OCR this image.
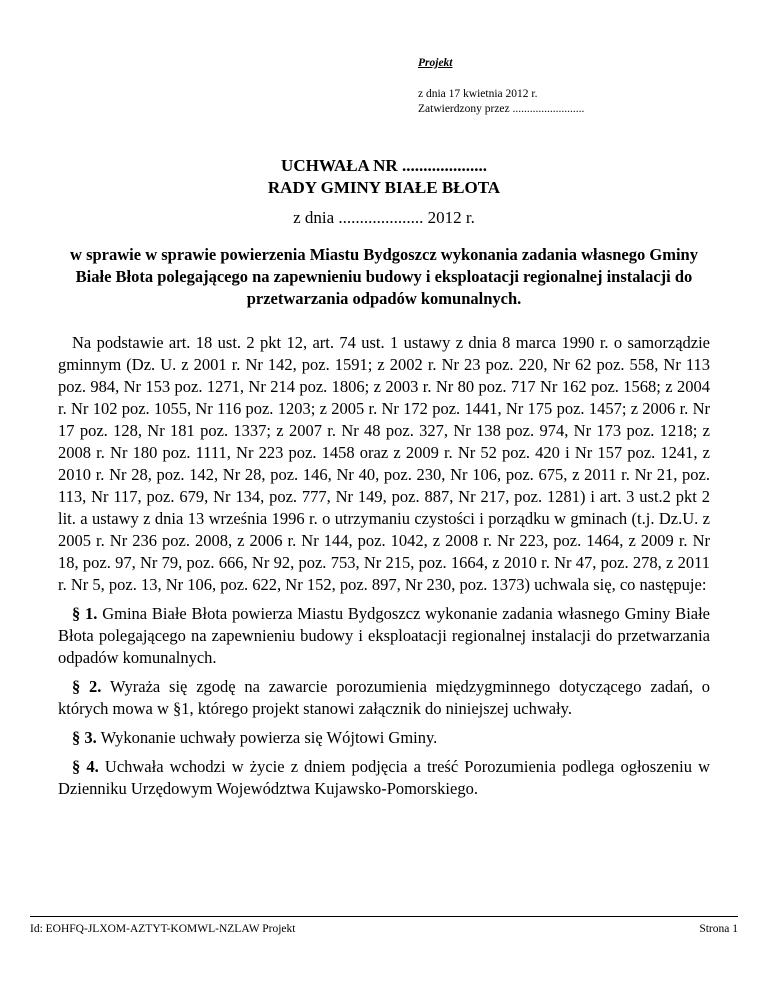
Projekt
z dnia 17 kwietnia 2012 r.
Zatwierdzony przez .........................
UCHWAŁA NR ....................
RADY GMINY BIAŁE BŁOTA
z dnia .................... 2012 r.
w sprawie w sprawie powierzenia Miastu Bydgoszcz wykonania zadania własnego Gminy Białe Błota polegającego na zapewnieniu budowy i eksploatacji regionalnej instalacji do przetwarzania odpadów komunalnych.

Na podstawie art. 18 ust. 2 pkt 12, art. 74 ust. 1 ustawy z dnia 8 marca 1990 r. o samorządzie gminnym (Dz. U. z 2001 r. Nr 142, poz. 1591; z 2002 r. Nr 23 poz. 220, Nr 62 poz. 558, Nr 113 poz. 984, Nr 153 poz. 1271, Nr 214 poz. 1806; z 2003 r. Nr 80 poz. 717 Nr 162 poz. 1568; z 2004 r. Nr 102 poz. 1055, Nr 116 poz. 1203; z 2005 r. Nr 172 poz. 1441, Nr 175 poz. 1457; z 2006 r. Nr 17 poz. 128, Nr 181 poz. 1337; z 2007 r. Nr 48 poz. 327, Nr 138 poz. 974, Nr 173 poz. 1218; z 2008 r. Nr 180 poz. 1111, Nr 223 poz. 1458 oraz z 2009 r. Nr 52 poz. 420 i Nr 157 poz. 1241, z 2010 r. Nr 28, poz. 142, Nr 28, poz. 146, Nr 40, poz. 230, Nr 106, poz. 675, z 2011 r. Nr 21, poz. 113, Nr 117, poz. 679, Nr 134, poz. 777, Nr 149, poz. 887, Nr 217, poz. 1281) i art. 3 ust.2 pkt 2 lit. a ustawy z dnia 13 września 1996 r. o utrzymaniu czystości i porządku w gminach (t.j. Dz.U. z 2005 r. Nr 236 poz. 2008, z 2006 r. Nr 144, poz. 1042, z 2008 r. Nr 223, poz. 1464, z 2009 r. Nr 18, poz. 97, Nr 79, poz. 666, Nr 92, poz. 753, Nr 215, poz. 1664, z 2010 r. Nr 47, poz. 278, z 2011 r. Nr 5, poz. 13, Nr 106, poz. 622, Nr 152, poz. 897, Nr 230, poz. 1373) uchwala się, co następuje:

§ 1. Gmina Białe Błota powierza Miastu Bydgoszcz wykonanie zadania własnego Gminy Białe Błota polegającego na zapewnieniu budowy i eksploatacji regionalnej instalacji do przetwarzania odpadów komunalnych.

§ 2. Wyraża się zgodę na zawarcie porozumienia międzygminnego dotyczącego zadań, o których mowa w §1, którego projekt stanowi załącznik do niniejszej uchwały.

§ 3. Wykonanie uchwały powierza się Wójtowi Gminy.

§ 4. Uchwała wchodzi w życie z dniem podjęcia a treść Porozumienia podlega ogłoszeniu w Dzienniku Urzędowym Województwa Kujawsko-Pomorskiego.

Id: EOHFQ-JLXOM-AZTYT-KOMWL-NZLAW Projekt	Strona 1
